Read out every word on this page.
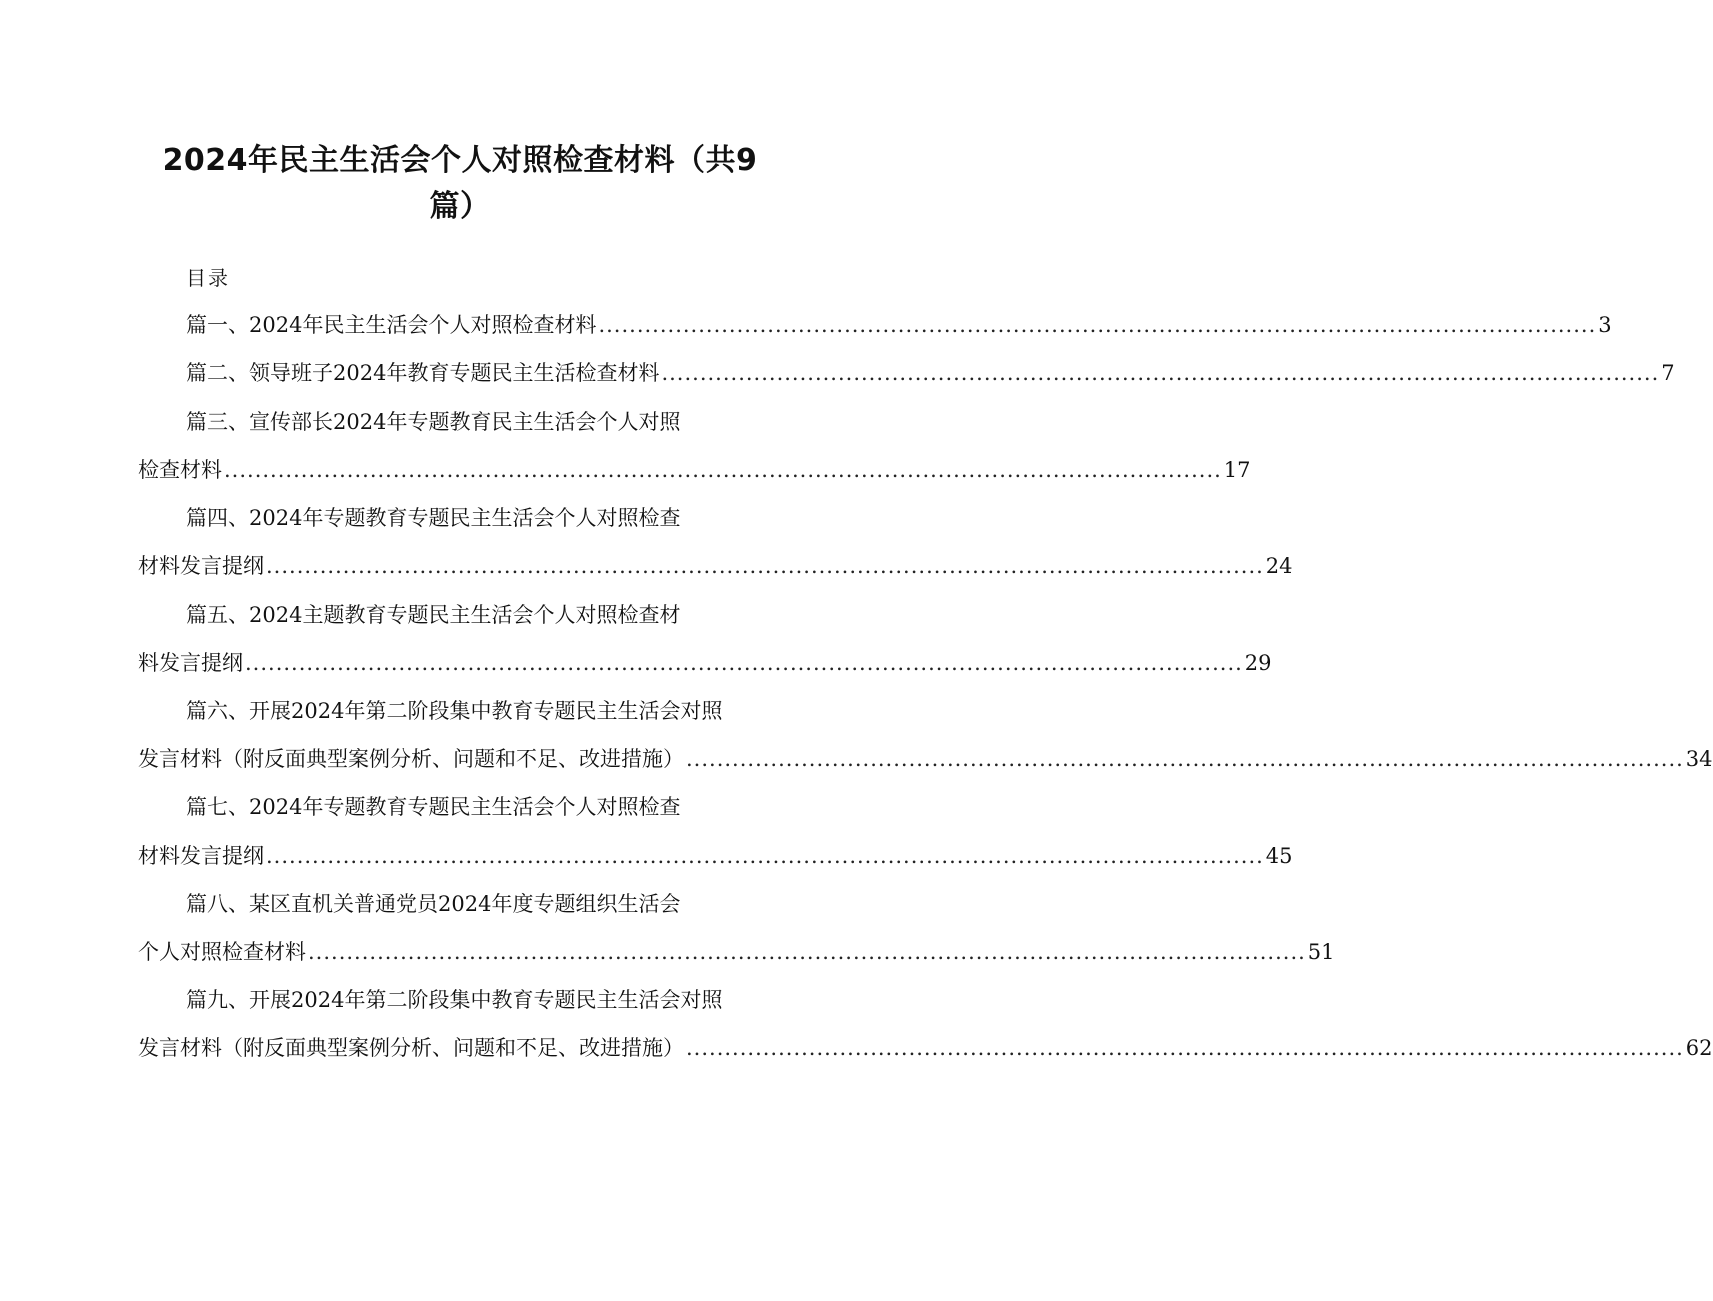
2024年民主生活会个人对照检查材料（共9
篇）
目录
篇一、2024年民主生活会个人对照检查材料 .................................................................................................................................. 3
篇二、领导班子2024年教育专题民主生活检查材料 .................................................................................................................................. 7
篇三、宣传部长2024年专题教育民主生活会个人对照
检查材料 .................................................................................................................................. 17
篇四、2024年专题教育专题民主生活会个人对照检查
材料发言提纲 .................................................................................................................................. 24
篇五、2024主题教育专题民主生活会个人对照检查材
料发言提纲 .................................................................................................................................. 29
篇六、开展2024年第二阶段集中教育专题民主生活会对照
发言材料（附反面典型案例分析、问题和不足、改进措施） .................................................................................................................................. 34
篇七、2024年专题教育专题民主生活会个人对照检查
材料发言提纲 .................................................................................................................................. 45
篇八、某区直机关普通党员2024年度专题组织生活会
个人对照检查材料 .................................................................................................................................. 51
篇九、开展2024年第二阶段集中教育专题民主生活会对照
发言材料（附反面典型案例分析、问题和不足、改进措施） .................................................................................................................................. 62
